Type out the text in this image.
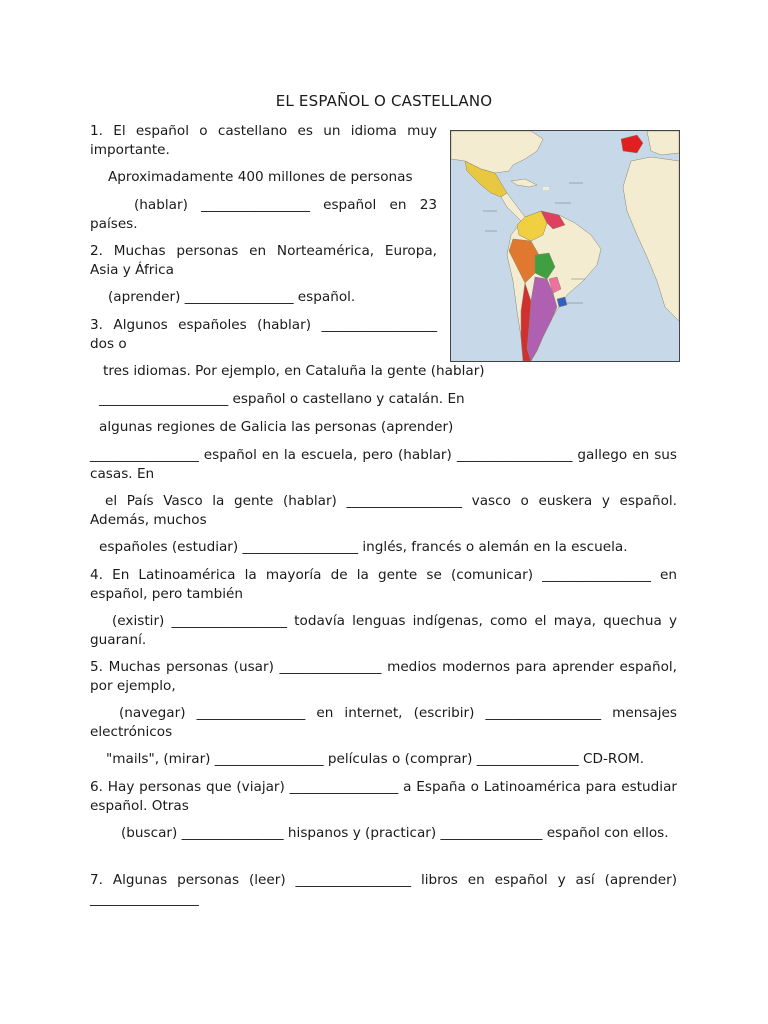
EL ESPAÑOL O CASTELLANO

1. El español o castellano es un idioma muy importante.

Aproximadamente 400 millones de personas

(hablar) ________________ español en 23 países.

2. Muchas personas en Norteamérica, Europa, Asia y África

(aprender) ________________ español.

3. Algunos españoles (hablar) _________________ dos o

tres idiomas. Por ejemplo, en Cataluña la gente (hablar)

___________________ español o castellano y catalán. En

algunas regiones de Galicia las personas (aprender)

________________ español en la escuela, pero (hablar) _________________ gallego en sus casas. En

el País Vasco la gente (hablar) _________________ vasco o euskera y español. Además, muchos

españoles (estudiar) _________________ inglés, francés o alemán en la escuela.

4. En Latinoamérica la mayoría de la gente se (comunicar) ________________ en español, pero también

(existir) _________________ todavía lenguas indígenas, como el maya, quechua y guaraní.

5. Muchas personas (usar) _______________ medios modernos para aprender español, por ejemplo,

(navegar) ________________ en internet, (escribir) _________________ mensajes electrónicos

"mails", (mirar) ________________ películas o (comprar) _______________ CD-ROM.

6. Hay personas que (viajar) ________________ a España o Latinoamérica para estudiar español. Otras

(buscar) _______________ hispanos y (practicar) _______________ español con ellos.

7. Algunas personas (leer) _________________ libros en español y así (aprender) ________________
